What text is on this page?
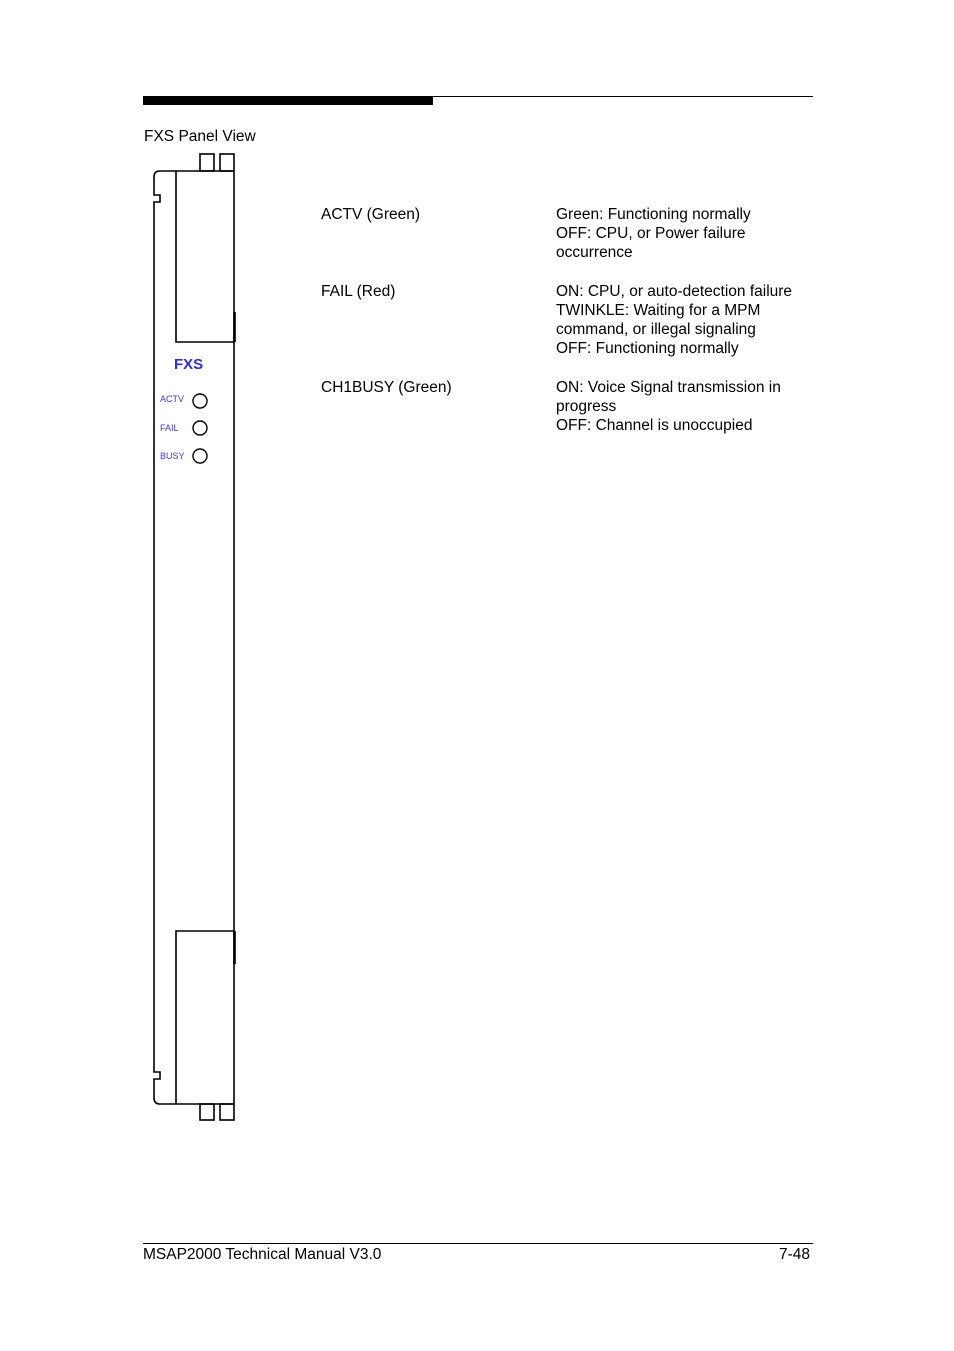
FXS Panel View
FXS
ACTV
FAIL
BUSY
ACTV (Green)	Green: Functioning normally
OFF: CPU, or Power failure
occurrence
FAIL (Red)	ON: CPU, or auto-detection failure
TWINKLE: Waiting for a MPM
command, or illegal signaling
OFF: Functioning normally
CH1BUSY (Green)	ON: Voice Signal transmission in
progress
OFF: Channel is unoccupied
MSAP2000 Technical Manual V3.0	7-48
